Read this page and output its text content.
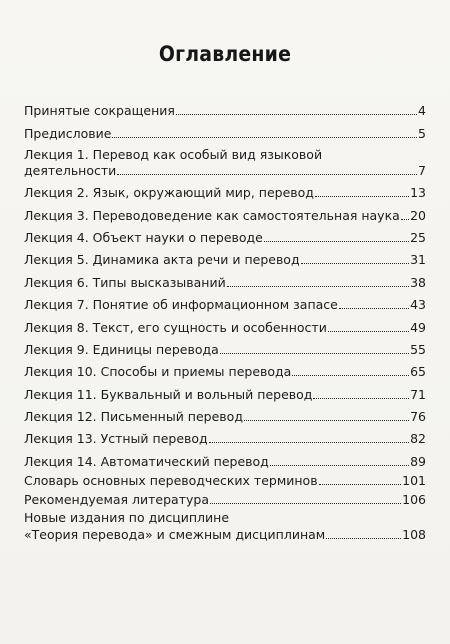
Оглавление
Принятые сокращения	4
Предисловие	5
Лекция 1. Перевод как особый вид языковой
деятельности	7
Лекция 2. Язык, окружающий мир, перевод	13
Лекция 3. Переводоведение как самостоятельная наука 20
Лекция 4. Объект науки о переводе	25
Лекция 5. Динамика акта речи и перевод	31
Лекция 6. Типы высказываний	38
Лекция 7. Понятие об информационном запасе	43
Лекция 8. Текст, его сущность и особенности	49
Лекция 9. Единицы перевода	55
Лекция 10. Способы и приемы перевода	65
Лекция 11. Буквальный и вольный перевод	71
Лекция 12. Письменный перевод	76
Лекция 13. Устный перевод	82
Лекция 14. Автоматический перевод	89
Словарь основных переводческих терминов	101
Рекомендуемая литература	106
Новые издания по дисциплине
«Теория перевода» и смежным дисциплинам	108
